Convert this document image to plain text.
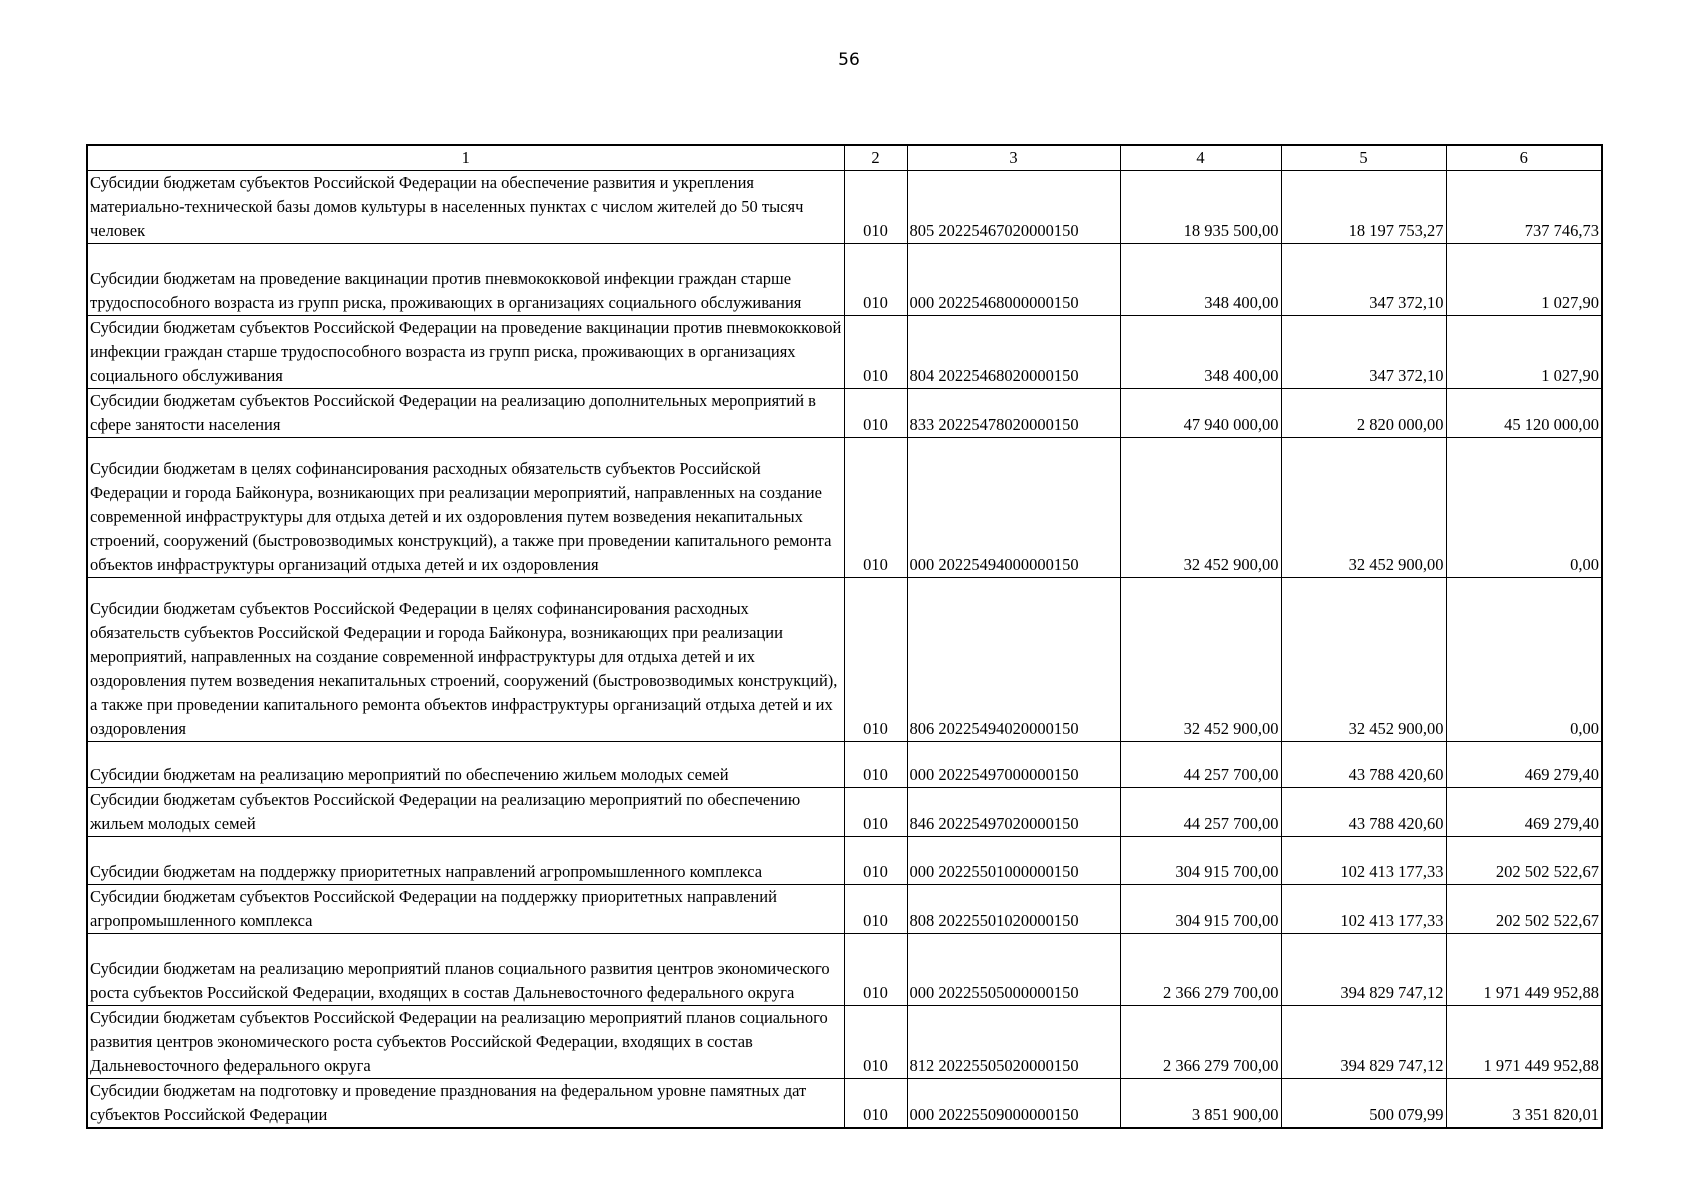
56
1	2	3	4	5	6
Субсидии бюджетам субъектов Российской Федерации на обеспечение развития и укрепления материально-технической базы домов культуры в населенных пунктах с числом жителей до 50 тысяч человек	010	805 20225467020000150	18 935 500,00	18 197 753,27	737 746,73
Субсидии бюджетам на проведение вакцинации против пневмококковой инфекции граждан старше трудоспособного возраста из групп риска, проживающих в организациях социального обслуживания	010	000 20225468000000150	348 400,00	347 372,10	1 027,90
Субсидии бюджетам субъектов Российской Федерации на проведение вакцинации против пневмококковой инфекции граждан старше трудоспособного возраста из групп риска, проживающих в организациях социального обслуживания	010	804 20225468020000150	348 400,00	347 372,10	1 027,90
Субсидии бюджетам субъектов Российской Федерации на реализацию дополнительных мероприятий в сфере занятости населения	010	833 20225478020000150	47 940 000,00	2 820 000,00	45 120 000,00
Субсидии бюджетам в целях софинансирования расходных обязательств субъектов Российской Федерации и города Байконура, возникающих при реализации мероприятий, направленных на создание современной инфраструктуры для отдыха детей и их оздоровления путем возведения некапитальных строений, сооружений (быстровозводимых конструкций), а также при проведении капитального ремонта объектов инфраструктуры организаций отдыха детей и их оздоровления	010	000 20225494000000150	32 452 900,00	32 452 900,00	0,00
Субсидии бюджетам субъектов Российской Федерации в целях софинансирования расходных обязательств субъектов Российской Федерации и города Байконура, возникающих при реализации мероприятий, направленных на создание современной инфраструктуры для отдыха детей и их оздоровления путем возведения некапитальных строений, сооружений (быстровозводимых конструкций), а также при проведении капитального ремонта объектов инфраструктуры организаций отдыха детей и их оздоровления	010	806 20225494020000150	32 452 900,00	32 452 900,00	0,00
Субсидии бюджетам на реализацию мероприятий по обеспечению жильем молодых семей	010	000 20225497000000150	44 257 700,00	43 788 420,60	469 279,40
Субсидии бюджетам субъектов Российской Федерации на реализацию мероприятий по обеспечению жильем молодых семей	010	846 20225497020000150	44 257 700,00	43 788 420,60	469 279,40
Субсидии бюджетам на поддержку приоритетных направлений агропромышленного комплекса	010	000 20225501000000150	304 915 700,00	102 413 177,33	202 502 522,67
Субсидии бюджетам субъектов Российской Федерации на поддержку приоритетных направлений агропромышленного комплекса	010	808 20225501020000150	304 915 700,00	102 413 177,33	202 502 522,67
Субсидии бюджетам на реализацию мероприятий планов социального развития центров экономического роста субъектов Российской Федерации, входящих в состав Дальневосточного федерального округа	010	000 20225505000000150	2 366 279 700,00	394 829 747,12	1 971 449 952,88
Субсидии бюджетам субъектов Российской Федерации на реализацию мероприятий планов социального развития центров экономического роста субъектов Российской Федерации, входящих в состав Дальневосточного федерального округа	010	812 20225505020000150	2 366 279 700,00	394 829 747,12	1 971 449 952,88
Субсидии бюджетам на подготовку и проведение празднования на федеральном уровне памятных дат субъектов Российской Федерации	010	000 20225509000000150	3 851 900,00	500 079,99	3 351 820,01
